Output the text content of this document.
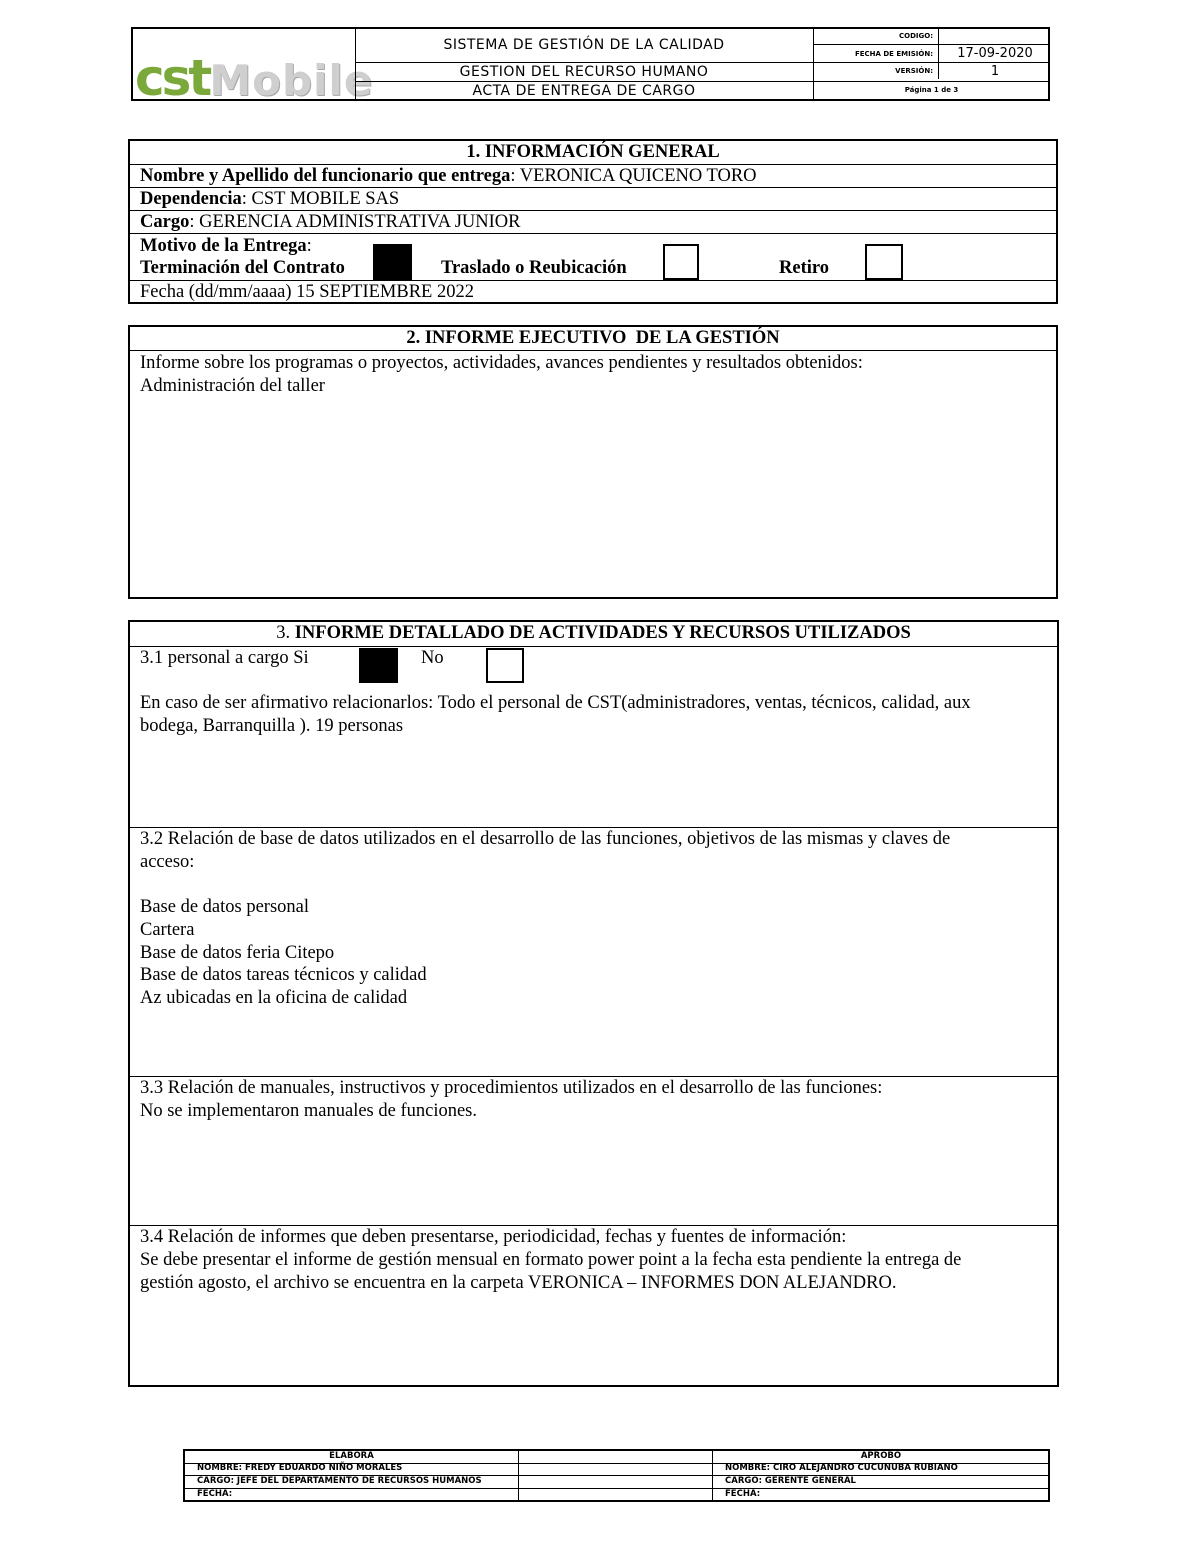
cstMobile
SISTEMA DE GESTIÓN DE LA CALIDAD
GESTION DEL RECURSO HUMANO
ACTA DE ENTREGA DE CARGO
CODIGO:
FECHA DE EMISIÓN:	17-09-2020
VERSIÓN:	1
Página 1 de 3
1. INFORMACIÓN GENERAL
Nombre y Apellido del funcionario que entrega: VERONICA QUICENO TORO
Dependencia: CST MOBILE SAS
Cargo: GERENCIA ADMINISTRATIVA JUNIOR
Motivo de la Entrega:
Terminación del Contrato	Traslado o Reubicación	Retiro
Fecha (dd/mm/aaaa) 15 SEPTIEMBRE 2022
2. INFORME EJECUTIVO  DE LA GESTIÓN
Informe sobre los programas o proyectos, actividades, avances pendientes y resultados obtenidos:
Administración del taller
3. INFORME DETALLADO DE ACTIVIDADES Y RECURSOS UTILIZADOS
3.1 personal a cargo Si	No
En caso de ser afirmativo relacionarlos: Todo el personal de CST(administradores, ventas, técnicos, calidad, aux
bodega, Barranquilla ). 19 personas
3.2 Relación de base de datos utilizados en el desarrollo de las funciones, objetivos de las mismas y claves de
acceso:
Base de datos personal
Cartera
Base de datos feria Citepo
Base de datos tareas técnicos y calidad
Az ubicadas en la oficina de calidad
3.3 Relación de manuales, instructivos y procedimientos utilizados en el desarrollo de las funciones:
No se implementaron manuales de funciones.
3.4 Relación de informes que deben presentarse, periodicidad, fechas y fuentes de información:
Se debe presentar el informe de gestión mensual en formato power point a la fecha esta pendiente la entrega de
gestión agosto, el archivo se encuentra en la carpeta VERONICA – INFORMES DON ALEJANDRO.
ELABORA
NOMBRE: FREDY EDUARDO NIÑO MORALES
CARGO: JEFE DEL DEPARTAMENTO DE RECURSOS HUMANOS
FECHA:
APROBÓ
NOMBRE: CIRO ALEJANDRO CUCUNUBA RUBIANO
CARGO: GERENTE GENERAL
FECHA:
